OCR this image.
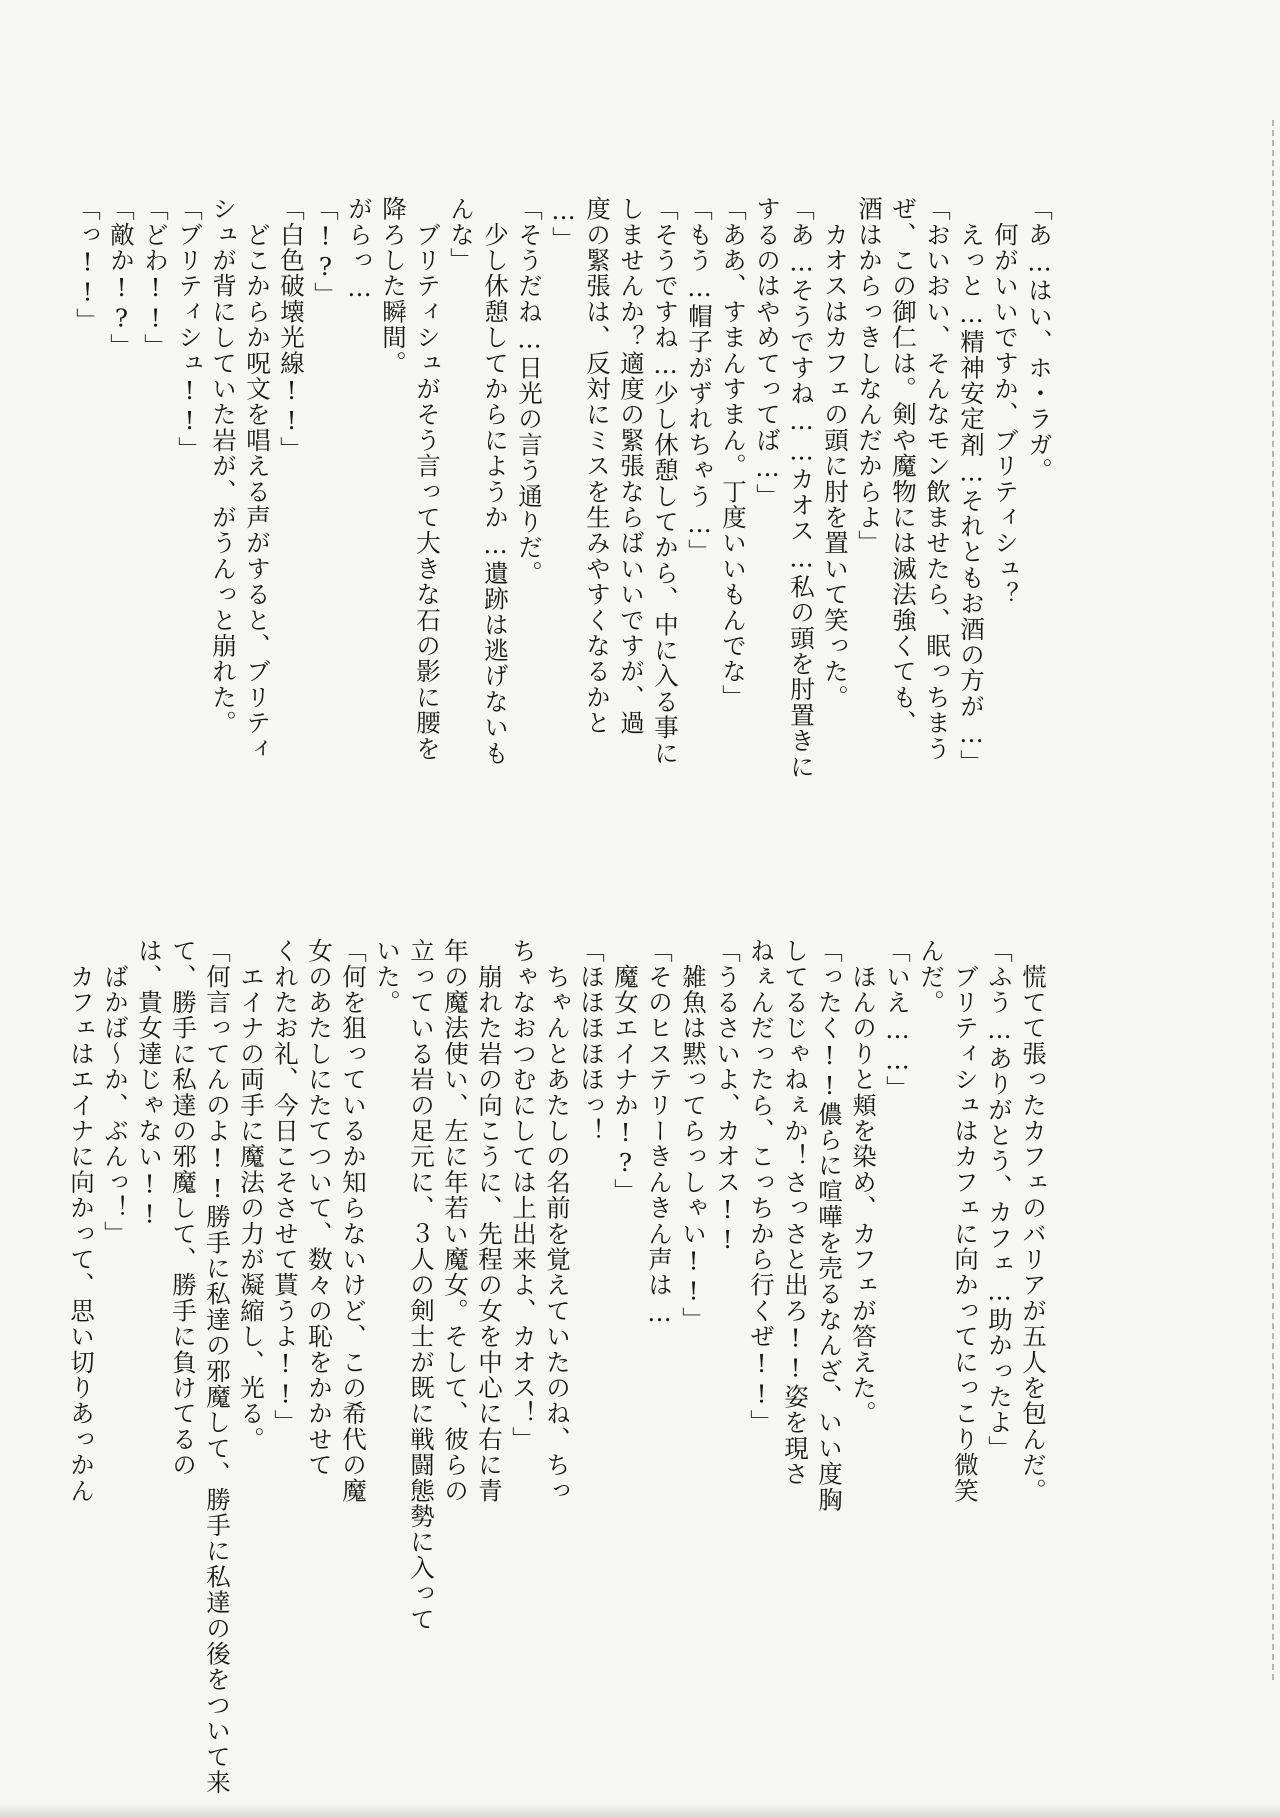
「あ…はい、ホ・ラガ。
　何がいいですか、ブリティシュ？
　えっと…精神安定剤…それともお酒の方が…」
「おいおい、そんなモン飲ませたら、眠っちまう
ぜ、この御仁は。剣や魔物には滅法強くても、
酒はからっきしなんだからよ」
　カオスはカフェの頭に肘を置いて笑った。
「あ…そうですね……カオス…私の頭を肘置きに
するのはやめてってば…」
「ああ、すまんすまん。丁度いいもんでな」
「もう…帽子がずれちゃう…」
「そうですね…少し休憩してから、中に入る事に
しませんか？適度の緊張ならばいいですが、過
度の緊張は、反対にミスを生みやすくなるかと
…」
「そうだね…日光の言う通りだ。
　少し休憩してからにようか…遺跡は逃げないも
んな」
　ブリティシュがそう言って大きな石の影に腰を
降ろした瞬間。
がらっ…
「!?」
「白色破壊光線!!」
　どこからか呪文を唱える声がすると、ブリティ
シュが背にしていた岩が、がうんっと崩れた。
「ブリティシュ!!」
「どわ!!」
「敵か!?」
「っ!!」
　慌てて張ったカフェのバリアが五人を包んだ。
「ふう…ありがとう、カフェ…助かったよ」
　ブリティシュはカフェに向かってにっこり微笑
んだ。
「いえ……」
　ほんのりと頬を染め、カフェが答えた。
「ったく!!儂らに喧嘩を売るなんざ、いい度胸
してるじゃねぇか！さっさと出ろ!!姿を現さ
ねぇんだったら、こっちから行くぜ!!」
「うるさいよ、カオス!!
　雑魚は黙ってらっしゃい!!」
「そのヒステリーきんきん声は…
　魔女エイナか!?」
「ほほほほほっ！
　ちゃんとあたしの名前を覚えていたのね、ちっ
ちゃなおつむにしては上出来よ、カオス！」
　崩れた岩の向こうに、先程の女を中心に右に青
年の魔法使い、左に年若い魔女。そして、彼らの
立っている岩の足元に、３人の剣士が既に戦闘態勢に入って
いた。
「何を狙っているか知らないけど、この希代の魔
女のあたしにたてついて、数々の恥をかかせて
くれたお礼、今日こそさせて貰うよ!!」
　エイナの両手に魔法の力が凝縮し、光る。
「何言ってんのよ!!勝手に私達の邪魔して、勝手に私達の後をついて来
て、勝手に私達の邪魔して、勝手に負けてるの
は、貴女達じゃない!!
　ばかば～か、ぶんっ！」
　カフェはエイナに向かって、思い切りあっかん
